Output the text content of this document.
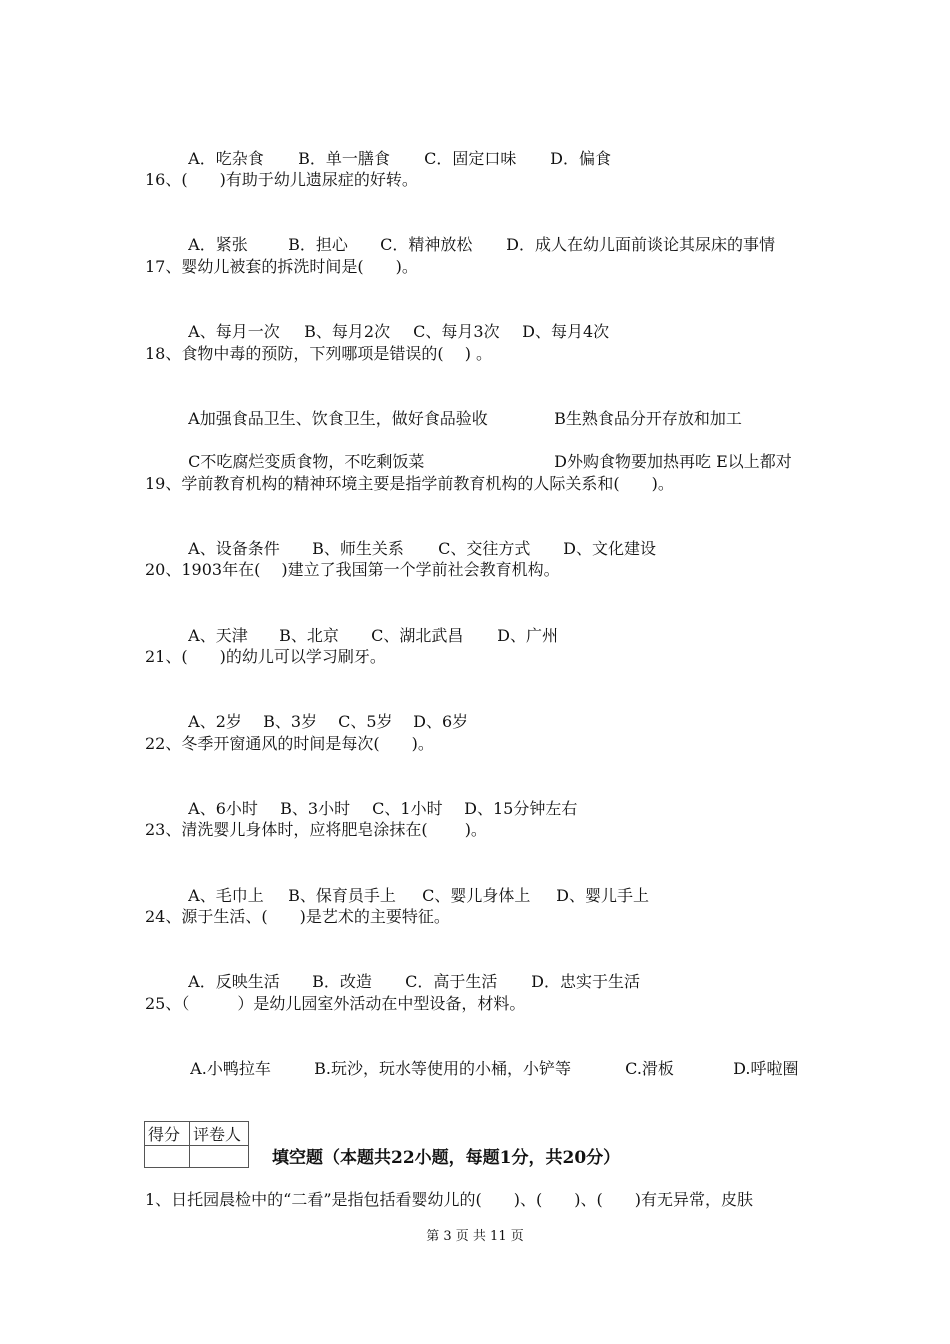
A．吃杂食 B．单一膳食 C．固定口味 D．偏食

16、(　　)有助于幼儿遗尿症的好转。

A．紧张	B．担心 C．精神放松 D．成人在幼儿面前谈论其尿床的事情

17、婴幼儿被套的拆洗时间是(　　)。

A、每月一次 B、每月2次 C、每月3次 D、每月4次

18、食物中毒的预防，下列哪项是错误的(　 ) 。

A加强食品卫生、饮食卫生，做好食品验收	B生熟食品分开存放和加工

C不吃腐烂变质食物，不吃剩饭菜	D外购食物要加热再吃 E以上都对

19、学前教育机构的精神环境主要是指学前教育机构的人际关系和(　　)。

A、设备条件 B、师生关系 C、交往方式 D、文化建设

20、1903年在(　 )建立了我国第一个学前社会教育机构。

A、天津 B、北京 C、湖北武昌 D、广州

21、(　　)的幼儿可以学习刷牙。

A、2岁 B、3岁 C、5岁 D、6岁

22、冬季开窗通风的时间是每次(　　)。

A、6小时 B、3小时 C、1小时 D、15分钟左右

23、清洗婴儿身体时，应将肥皂涂抹在(　　 )。

A、毛巾上 B、保育员手上 C、婴儿身体上 D、婴儿手上

24、源于生活、(　　)是艺术的主要特征。

A．反映生活 B．改造 C．高于生活 D．忠实于生活

25、（　　　）是幼儿园室外活动在中型设备，材料。

A.小鸭拉车	B.玩沙，玩水等使用的小桶，小铲等	C.滑板	D.呼啦圈

得分	评卷人

填空题（本题共22小题，每题1分，共20分）
1、日托园晨检中的“二看”是指包括看婴幼儿的(　　)、(　　)、(　　)有无异常，皮肤
第 3 页 共 11 页
